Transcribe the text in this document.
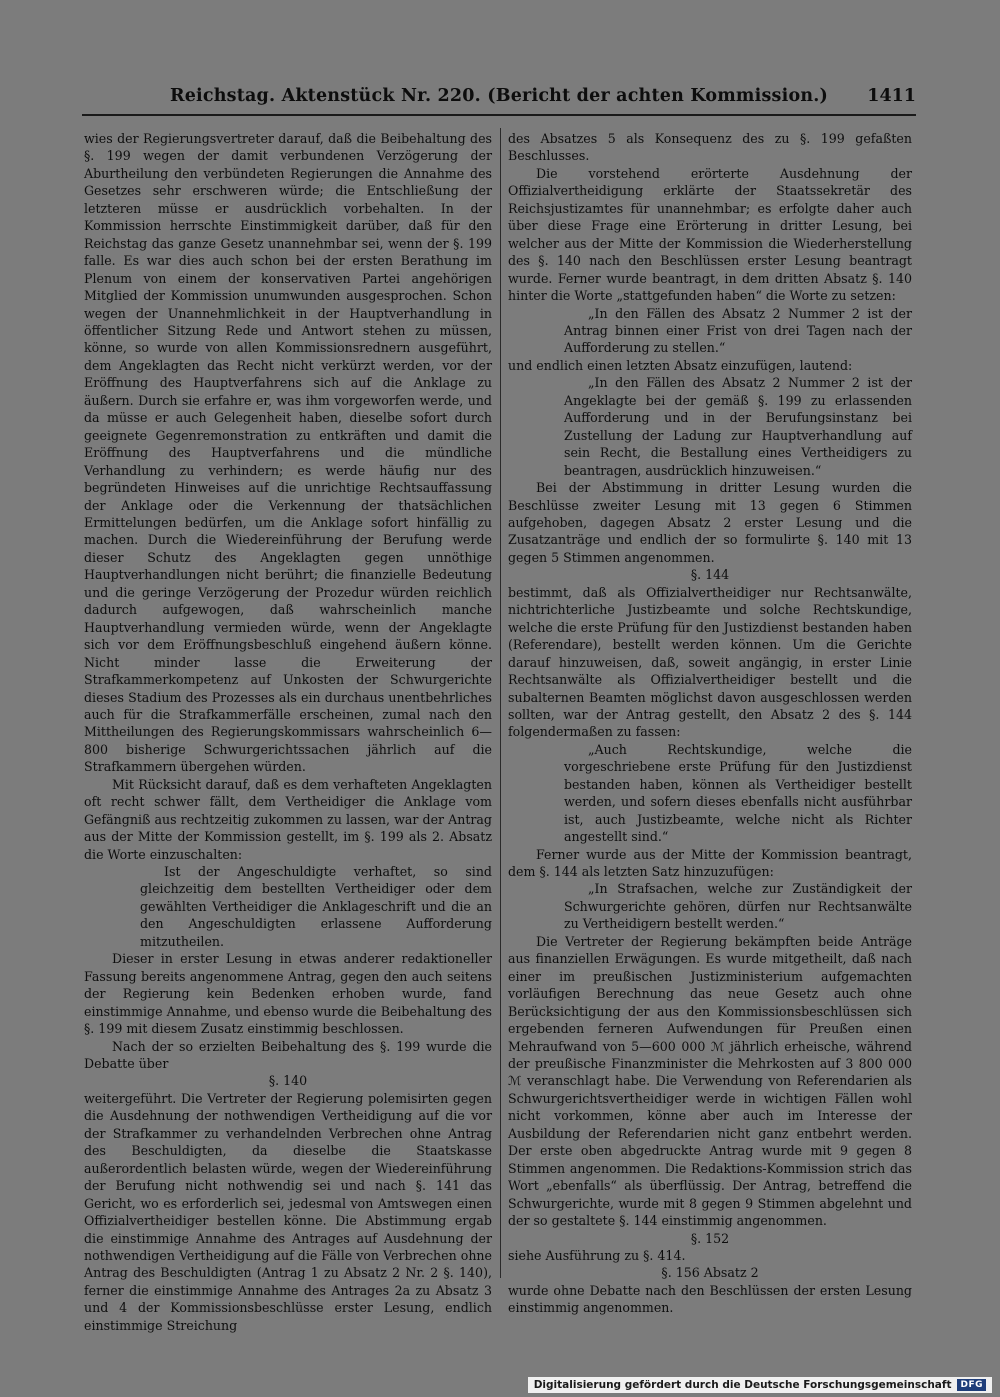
Reichstag. Aktenstück Nr. 220. (Bericht der achten Kommission.)	1411

wies der Regierungsvertreter darauf, daß die Beibehaltung des §. 199 wegen der damit verbundenen Verzögerung der Aburtheilung den verbündeten Regierungen die Annahme des Gesetzes sehr erschweren würde; die Entschließung der letzteren müsse er ausdrücklich vorbehalten. In der Kommission herrschte Einstimmigkeit darüber, daß für den Reichstag das ganze Gesetz unannehmbar sei, wenn der §. 199 falle. Es war dies auch schon bei der ersten Berathung im Plenum von einem der konservativen Partei angehörigen Mitglied der Kommission unumwunden ausgesprochen. Schon wegen der Unannehmlichkeit in der Hauptverhandlung in öffentlicher Sitzung Rede und Antwort stehen zu müssen, könne, so wurde von allen Kommissionsrednern ausgeführt, dem Angeklagten das Recht nicht verkürzt werden, vor der Eröffnung des Hauptverfahrens sich auf die Anklage zu äußern. Durch sie erfahre er, was ihm vorgeworfen werde, und da müsse er auch Gelegenheit haben, dieselbe sofort durch geeignete Gegenremonstration zu entkräften und damit die Eröffnung des Hauptverfahrens und die mündliche Verhandlung zu verhindern; es werde häufig nur des begründeten Hinweises auf die unrichtige Rechtsauffassung der Anklage oder die Verkennung der thatsächlichen Ermittelungen bedürfen, um die Anklage sofort hinfällig zu machen. Durch die Wiedereinführung der Berufung werde dieser Schutz des Angeklagten gegen unnöthige Hauptverhandlungen nicht berührt; die finanzielle Bedeutung und die geringe Verzögerung der Prozedur würden reichlich dadurch aufgewogen, daß wahrscheinlich manche Hauptverhandlung vermieden würde, wenn der Angeklagte sich vor dem Eröffnungsbeschluß eingehend äußern könne. Nicht minder lasse die Erweiterung der Strafkammerkompetenz auf Unkosten der Schwurgerichte dieses Stadium des Prozesses als ein durchaus unentbehrliches auch für die Strafkammerfälle erscheinen, zumal nach den Mittheilungen des Regierungskommissars wahrscheinlich 6—800 bisherige Schwurgerichtssachen jährlich auf die Strafkammern übergehen würden.

Mit Rücksicht darauf, daß es dem verhafteten Angeklagten oft recht schwer fällt, dem Vertheidiger die Anklage vom Gefängniß aus rechtzeitig zukommen zu lassen, war der Antrag aus der Mitte der Kommission gestellt, im §. 199 als 2. Absatz die Worte einzuschalten:

Ist der Angeschuldigte verhaftet, so sind gleichzeitig dem bestellten Vertheidiger oder dem gewählten Vertheidiger die Anklageschrift und die an den Angeschuldigten erlassene Aufforderung mitzutheilen.

Dieser in erster Lesung in etwas anderer redaktioneller Fassung bereits angenommene Antrag, gegen den auch seitens der Regierung kein Bedenken erhoben wurde, fand einstimmige Annahme, und ebenso wurde die Beibehaltung des §. 199 mit diesem Zusatz einstimmig beschlossen.

Nach der so erzielten Beibehaltung des §. 199 wurde die Debatte über

§. 140

weitergeführt. Die Vertreter der Regierung polemisirten gegen die Ausdehnung der nothwendigen Vertheidigung auf die vor der Strafkammer zu verhandelnden Verbrechen ohne Antrag des Beschuldigten, da dieselbe die Staatskasse außerordentlich belasten würde, wegen der Wiedereinführung der Berufung nicht nothwendig sei und nach §. 141 das Gericht, wo es erforderlich sei, jedesmal von Amtswegen einen Offizialvertheidiger bestellen könne. Die Abstimmung ergab die einstimmige Annahme des Antrages auf Ausdehnung der nothwendigen Vertheidigung auf die Fälle von Verbrechen ohne Antrag des Beschuldigten (Antrag 1 zu Absatz 2 Nr. 2 §. 140), ferner die einstimmige Annahme des Antrages 2a zu Absatz 3 und 4 der Kommissionsbeschlüsse erster Lesung, endlich einstimmige Streichung

des Absatzes 5 als Konsequenz des zu §. 199 gefaßten Beschlusses.

Die vorstehend erörterte Ausdehnung der Offizialvertheidigung erklärte der Staatssekretär des Reichsjustizamtes für unannehmbar; es erfolgte daher auch über diese Frage eine Erörterung in dritter Lesung, bei welcher aus der Mitte der Kommission die Wiederherstellung des §. 140 nach den Beschlüssen erster Lesung beantragt wurde. Ferner wurde beantragt, in dem dritten Absatz §. 140 hinter die Worte „stattgefunden haben“ die Worte zu setzen:

„In den Fällen des Absatz 2 Nummer 2 ist der Antrag binnen einer Frist von drei Tagen nach der Aufforderung zu stellen.“

und endlich einen letzten Absatz einzufügen, lautend:

„In den Fällen des Absatz 2 Nummer 2 ist der Angeklagte bei der gemäß §. 199 zu erlassenden Aufforderung und in der Berufungsinstanz bei Zustellung der Ladung zur Hauptverhandlung auf sein Recht, die Bestallung eines Vertheidigers zu beantragen, ausdrücklich hinzuweisen.“

Bei der Abstimmung in dritter Lesung wurden die Beschlüsse zweiter Lesung mit 13 gegen 6 Stimmen aufgehoben, dagegen Absatz 2 erster Lesung und die Zusatzanträge und endlich der so formulirte §. 140 mit 13 gegen 5 Stimmen angenommen.

§. 144

bestimmt, daß als Offizialvertheidiger nur Rechtsanwälte, nichtrichterliche Justizbeamte und solche Rechtskundige, welche die erste Prüfung für den Justizdienst bestanden haben (Referendare), bestellt werden können. Um die Gerichte darauf hinzuweisen, daß, soweit angängig, in erster Linie Rechtsanwälte als Offizialvertheidiger bestellt und die subalternen Beamten möglichst davon ausgeschlossen werden sollten, war der Antrag gestellt, den Absatz 2 des §. 144 folgendermaßen zu fassen:

„Auch Rechtskundige, welche die vorgeschriebene erste Prüfung für den Justizdienst bestanden haben, können als Vertheidiger bestellt werden, und sofern dieses ebenfalls nicht ausführbar ist, auch Justizbeamte, welche nicht als Richter angestellt sind.“

Ferner wurde aus der Mitte der Kommission beantragt, dem §. 144 als letzten Satz hinzuzufügen:

„In Strafsachen, welche zur Zuständigkeit der Schwurgerichte gehören, dürfen nur Rechtsanwälte zu Vertheidigern bestellt werden.“

Die Vertreter der Regierung bekämpften beide Anträge aus finanziellen Erwägungen. Es wurde mitgetheilt, daß nach einer im preußischen Justizministerium aufgemachten vorläufigen Berechnung das neue Gesetz auch ohne Berücksichtigung der aus den Kommissionsbeschlüssen sich ergebenden ferneren Aufwendungen für Preußen einen Mehraufwand von 5—600 000 ℳ jährlich erheische, während der preußische Finanzminister die Mehrkosten auf 3 800 000 ℳ veranschlagt habe. Die Verwendung von Referendarien als Schwurgerichtsvertheidiger werde in wichtigen Fällen wohl nicht vorkommen, könne aber auch im Interesse der Ausbildung der Referendarien nicht ganz entbehrt werden. Der erste oben abgedruckte Antrag wurde mit 9 gegen 8 Stimmen angenommen. Die Redaktions-Kommission strich das Wort „ebenfalls“ als überflüssig. Der Antrag, betreffend die Schwurgerichte, wurde mit 8 gegen 9 Stimmen abgelehnt und der so gestaltete §. 144 einstimmig angenommen.

§. 152

siehe Ausführung zu §. 414.

§. 156 Absatz 2

wurde ohne Debatte nach den Beschlüssen der ersten Lesung einstimmig angenommen.

Digitalisierung gefördert durch die Deutsche Forschungsgemeinschaft	DFG
